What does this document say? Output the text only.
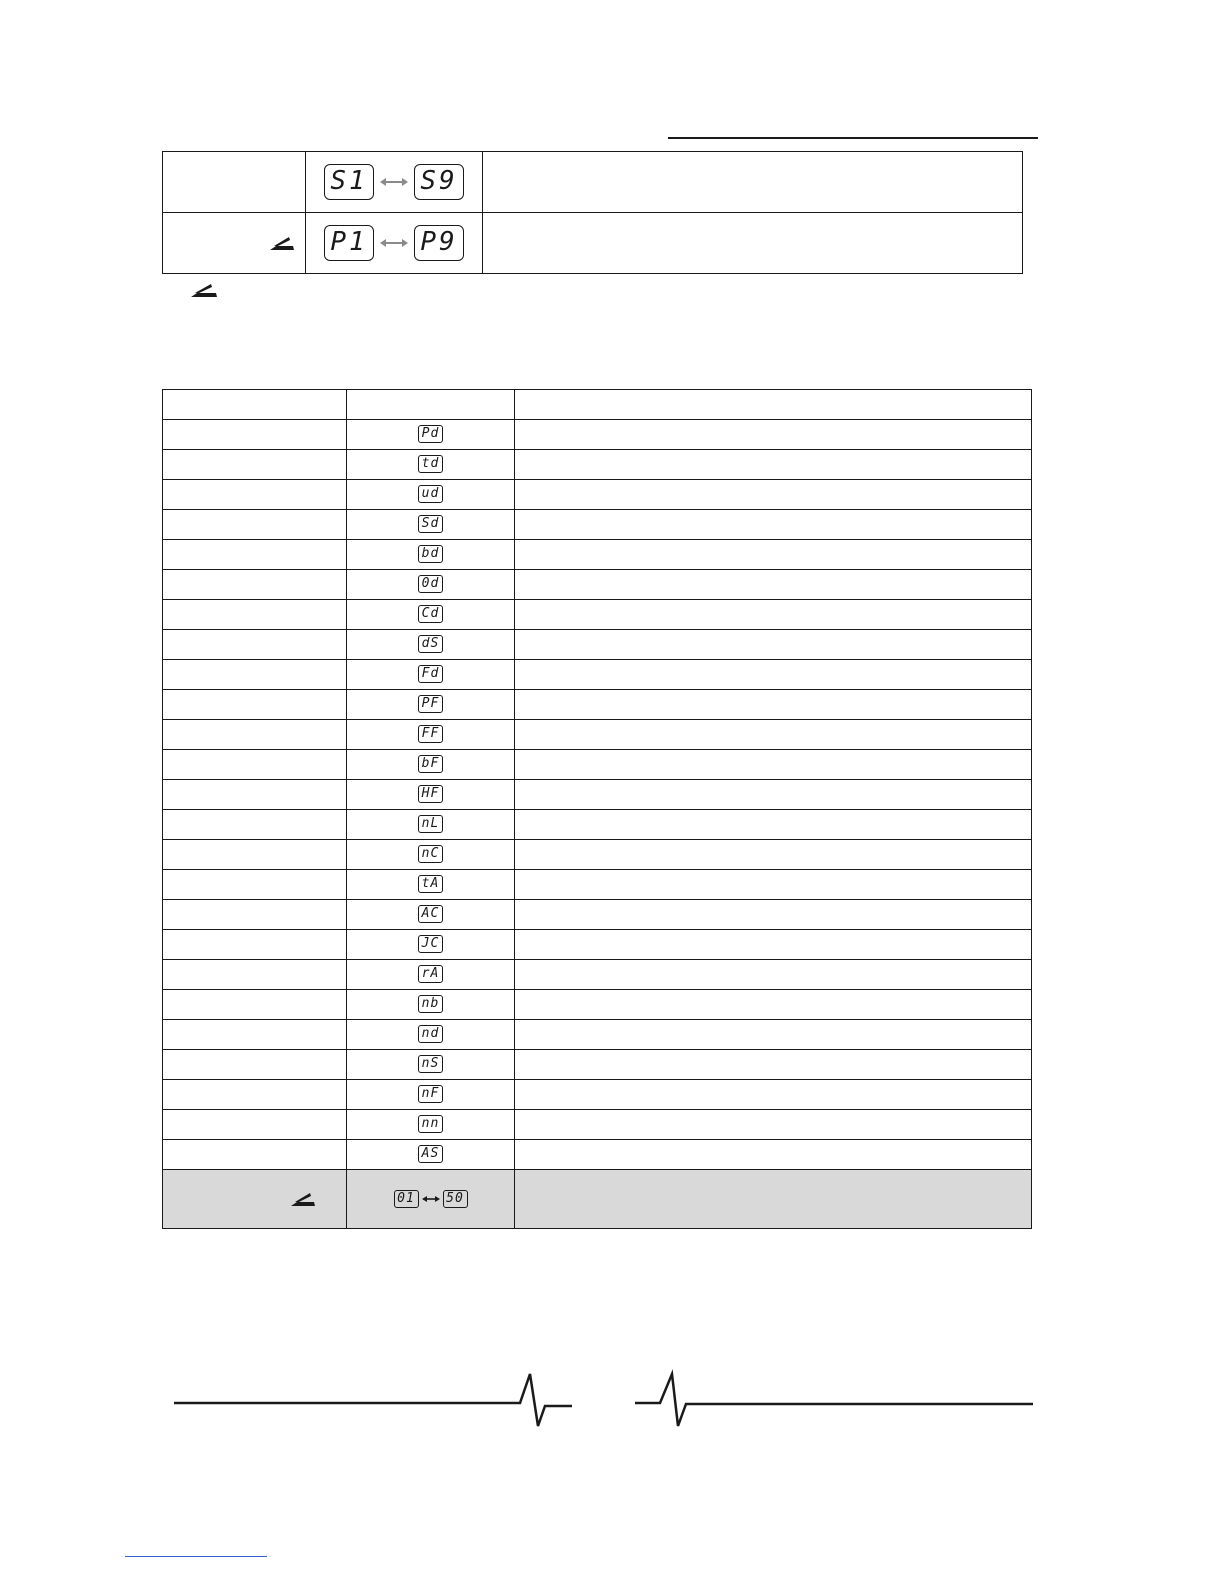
	S1 S9	
	P1 P9	

	Pd	
	td	
	ud	
	Sd	
	bd	
	0d	
	Cd	
	dS	
	Fd	
	PF	
	FF	
	bF	
	HF	
	nL	
	nC	
	tA	
	AC	
	JC	
	rA	
	nb	
	nd	
	nS	
	nF	
	nn	
	AS	
	01 50	
